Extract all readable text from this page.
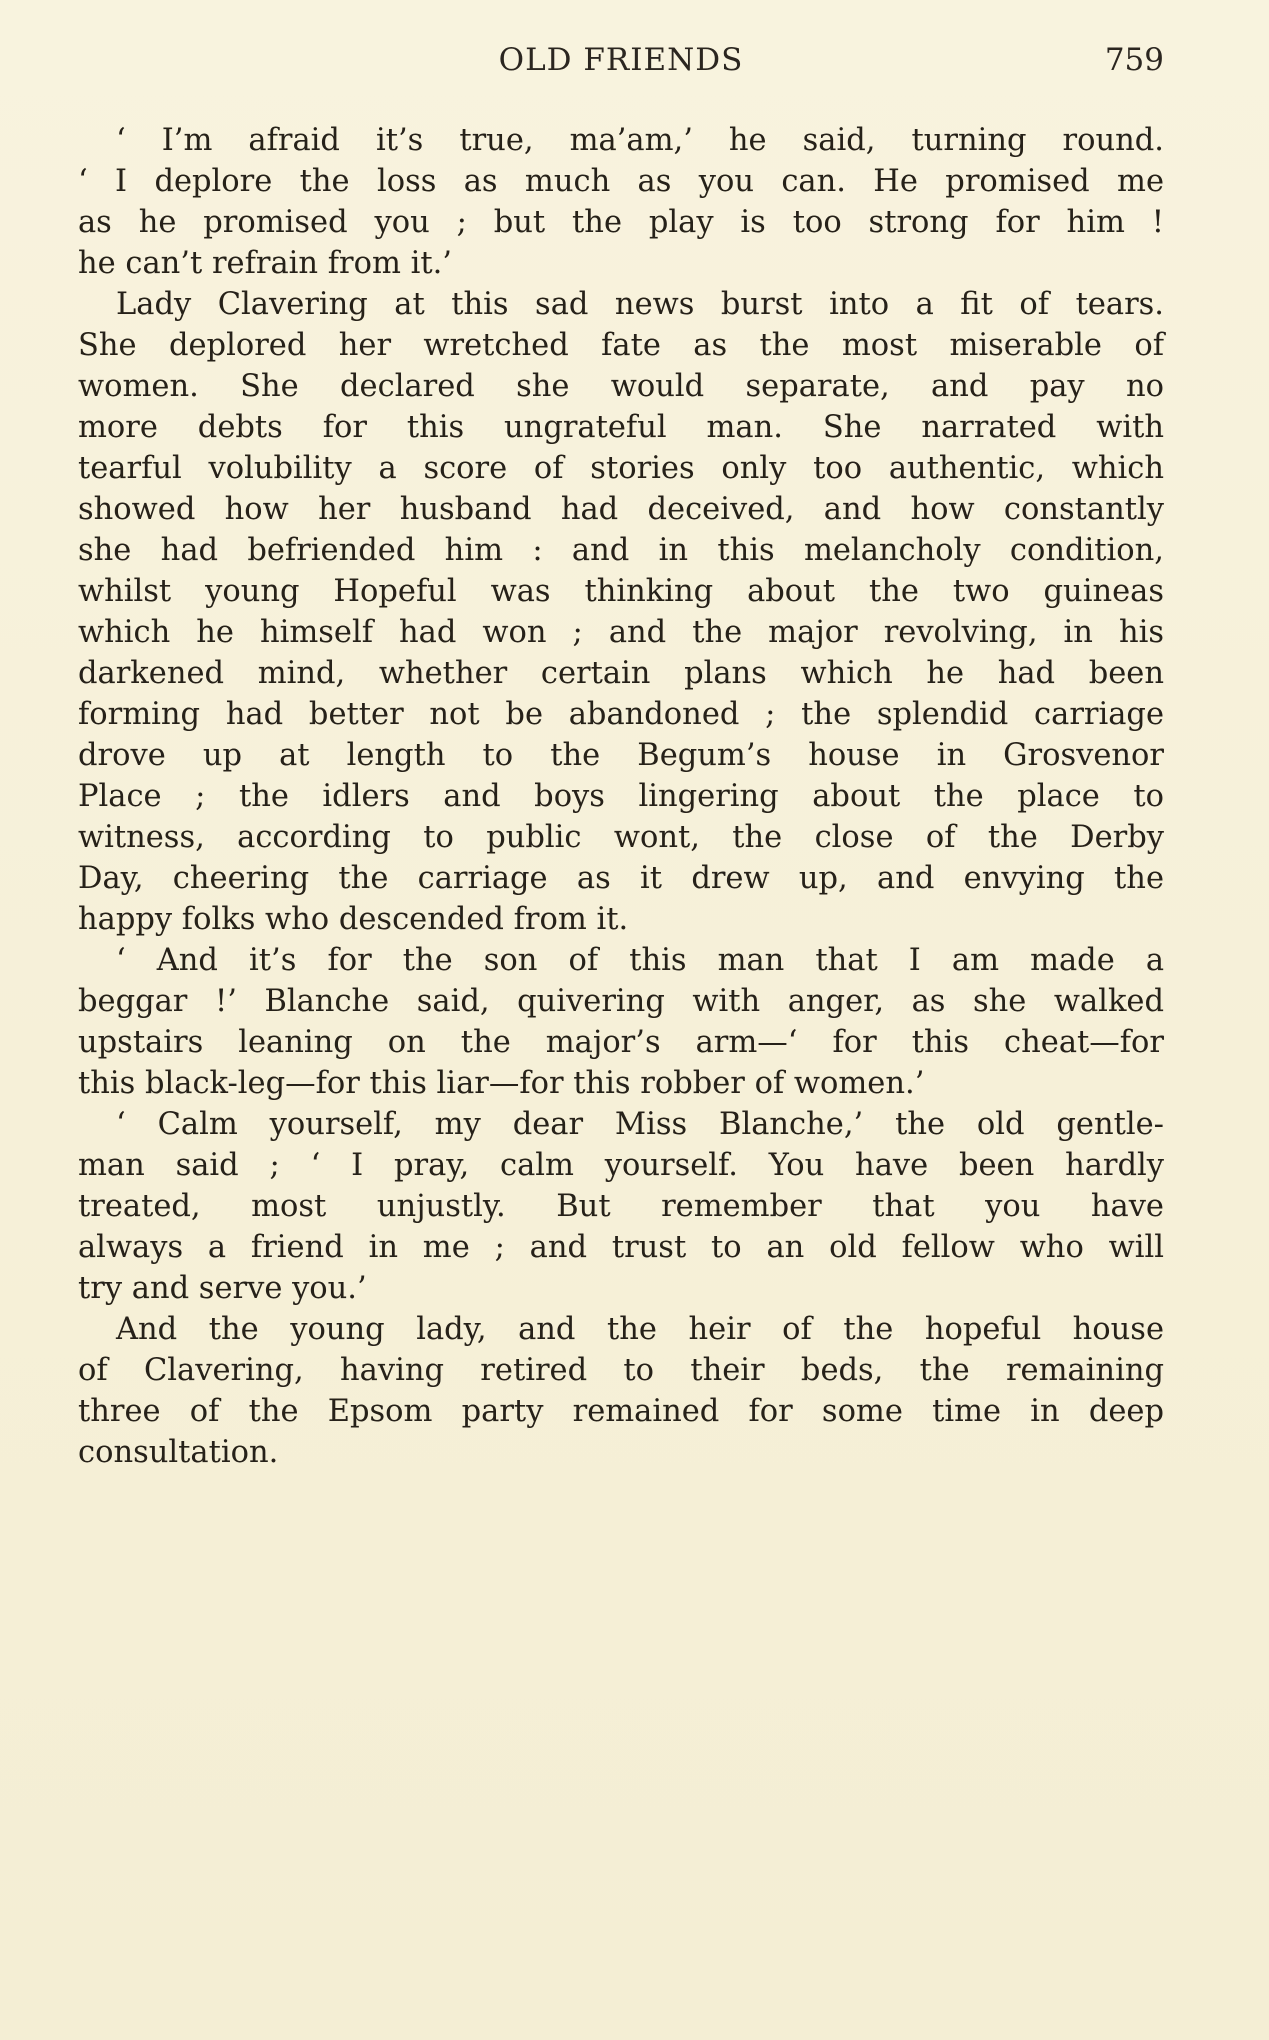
OLD FRIENDS	759
‘ I’m afraid it’s true, ma’am,’ he said, turning round.
‘ I deplore the loss as much as you can. He promised me
as he promised you ; but the play is too strong for him !
he can’t refrain from it.’
Lady Clavering at this sad news burst into a fit of tears.
She deplored her wretched fate as the most miserable of
women. She declared she would separate, and pay no
more debts for this ungrateful man. She narrated with
tearful volubility a score of stories only too authentic, which
showed how her husband had deceived, and how constantly
she had befriended him : and in this melancholy condition,
whilst young Hopeful was thinking about the two guineas
which he himself had won ; and the major revolving, in his
darkened mind, whether certain plans which he had been
forming had better not be abandoned ; the splendid carriage
drove up at length to the Begum’s house in Grosvenor
Place ; the idlers and boys lingering about the place to
witness, according to public wont, the close of the Derby
Day, cheering the carriage as it drew up, and envying the
happy folks who descended from it.
‘ And it’s for the son of this man that I am made a
beggar !’ Blanche said, quivering with anger, as she walked
upstairs leaning on the major’s arm—‘ for this cheat—for
this black-leg—for this liar—for this robber of women.’
‘ Calm yourself, my dear Miss Blanche,’ the old gentle-
man said ; ‘ I pray, calm yourself. You have been hardly
treated, most unjustly. But remember that you have
always a friend in me ; and trust to an old fellow who will
try and serve you.’
And the young lady, and the heir of the hopeful house
of Clavering, having retired to their beds, the remaining
three of the Epsom party remained for some time in deep
consultation.
